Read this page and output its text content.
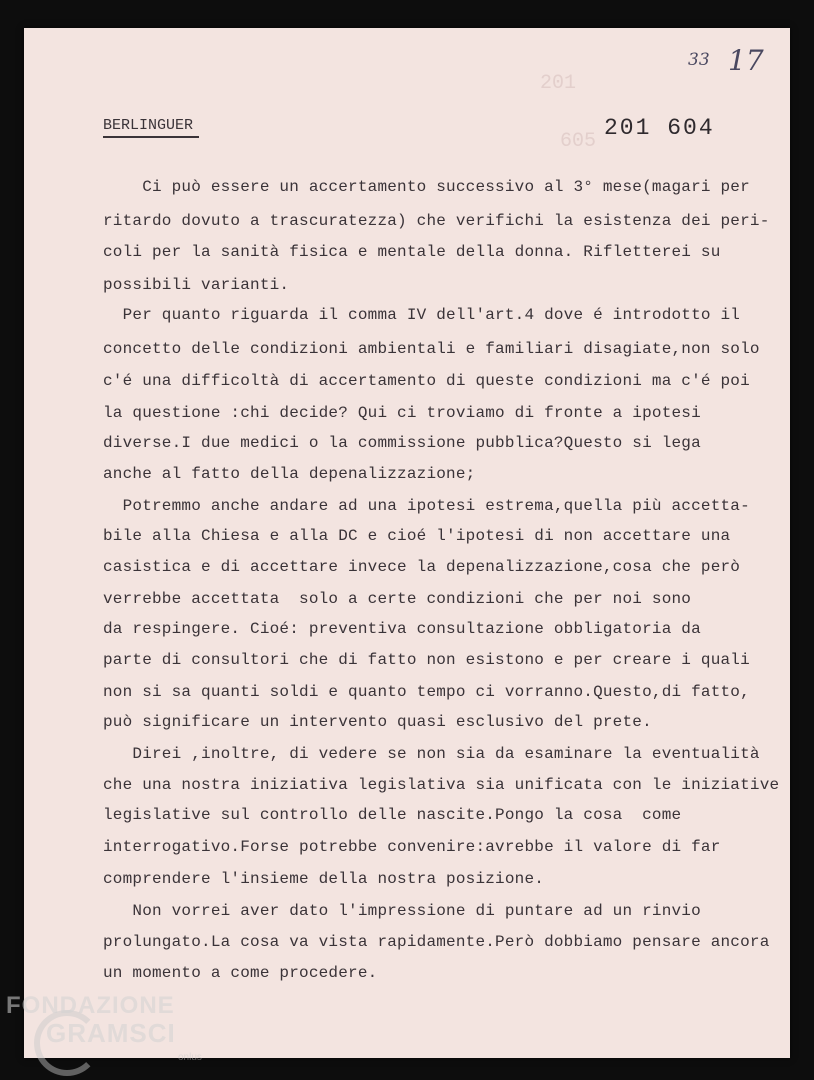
201
605
33 17
BERLINGUER	201 604
Ci può essere un accertamento successivo al 3° mese(magari per
ritardo dovuto a trascuratezza) che verifichi la esistenza dei peri-
coli per la sanità fisica e mentale della donna. Rifletterei su
possibili varianti.
Per quanto riguarda il comma IV dell'art.4 dove é introdotto il
concetto delle condizioni ambientali e familiari disagiate,non solo
c'é una difficoltà di accertamento di queste condizioni ma c'é poi
la questione :chi decide? Qui ci troviamo di fronte a ipotesi
diverse.I due medici o la commissione pubblica?Questo si lega
anche al fatto della depenalizzazione;
Potremmo anche andare ad una ipotesi estrema,quella più accetta-
bile alla Chiesa e alla DC e cioé l'ipotesi di non accettare una
casistica e di accettare invece la depenalizzazione,cosa che però
verrebbe accettata  solo a certe condizioni che per noi sono
da respingere. Cioé: preventiva consultazione obbligatoria da
parte di consultori che di fatto non esistono e per creare i quali
non si sa quanti soldi e quanto tempo ci vorranno.Questo,di fatto,
può significare un intervento quasi esclusivo del prete.
Direi ,inoltre, di vedere se non sia da esaminare la eventualità
che una nostra iniziativa legislativa sia unificata con le iniziative
legislative sul controllo delle nascite.Pongo la cosa  come
interrogativo.Forse potrebbe convenire:avrebbe il valore di far
comprendere l'insieme della nostra posizione.
Non vorrei aver dato l'impressione di puntare ad un rinvio
prolungato.La cosa va vista rapidamente.Però dobbiamo pensare ancora
un momento a come procedere.
FONDAZIONE
GRAMSCI
onlus
